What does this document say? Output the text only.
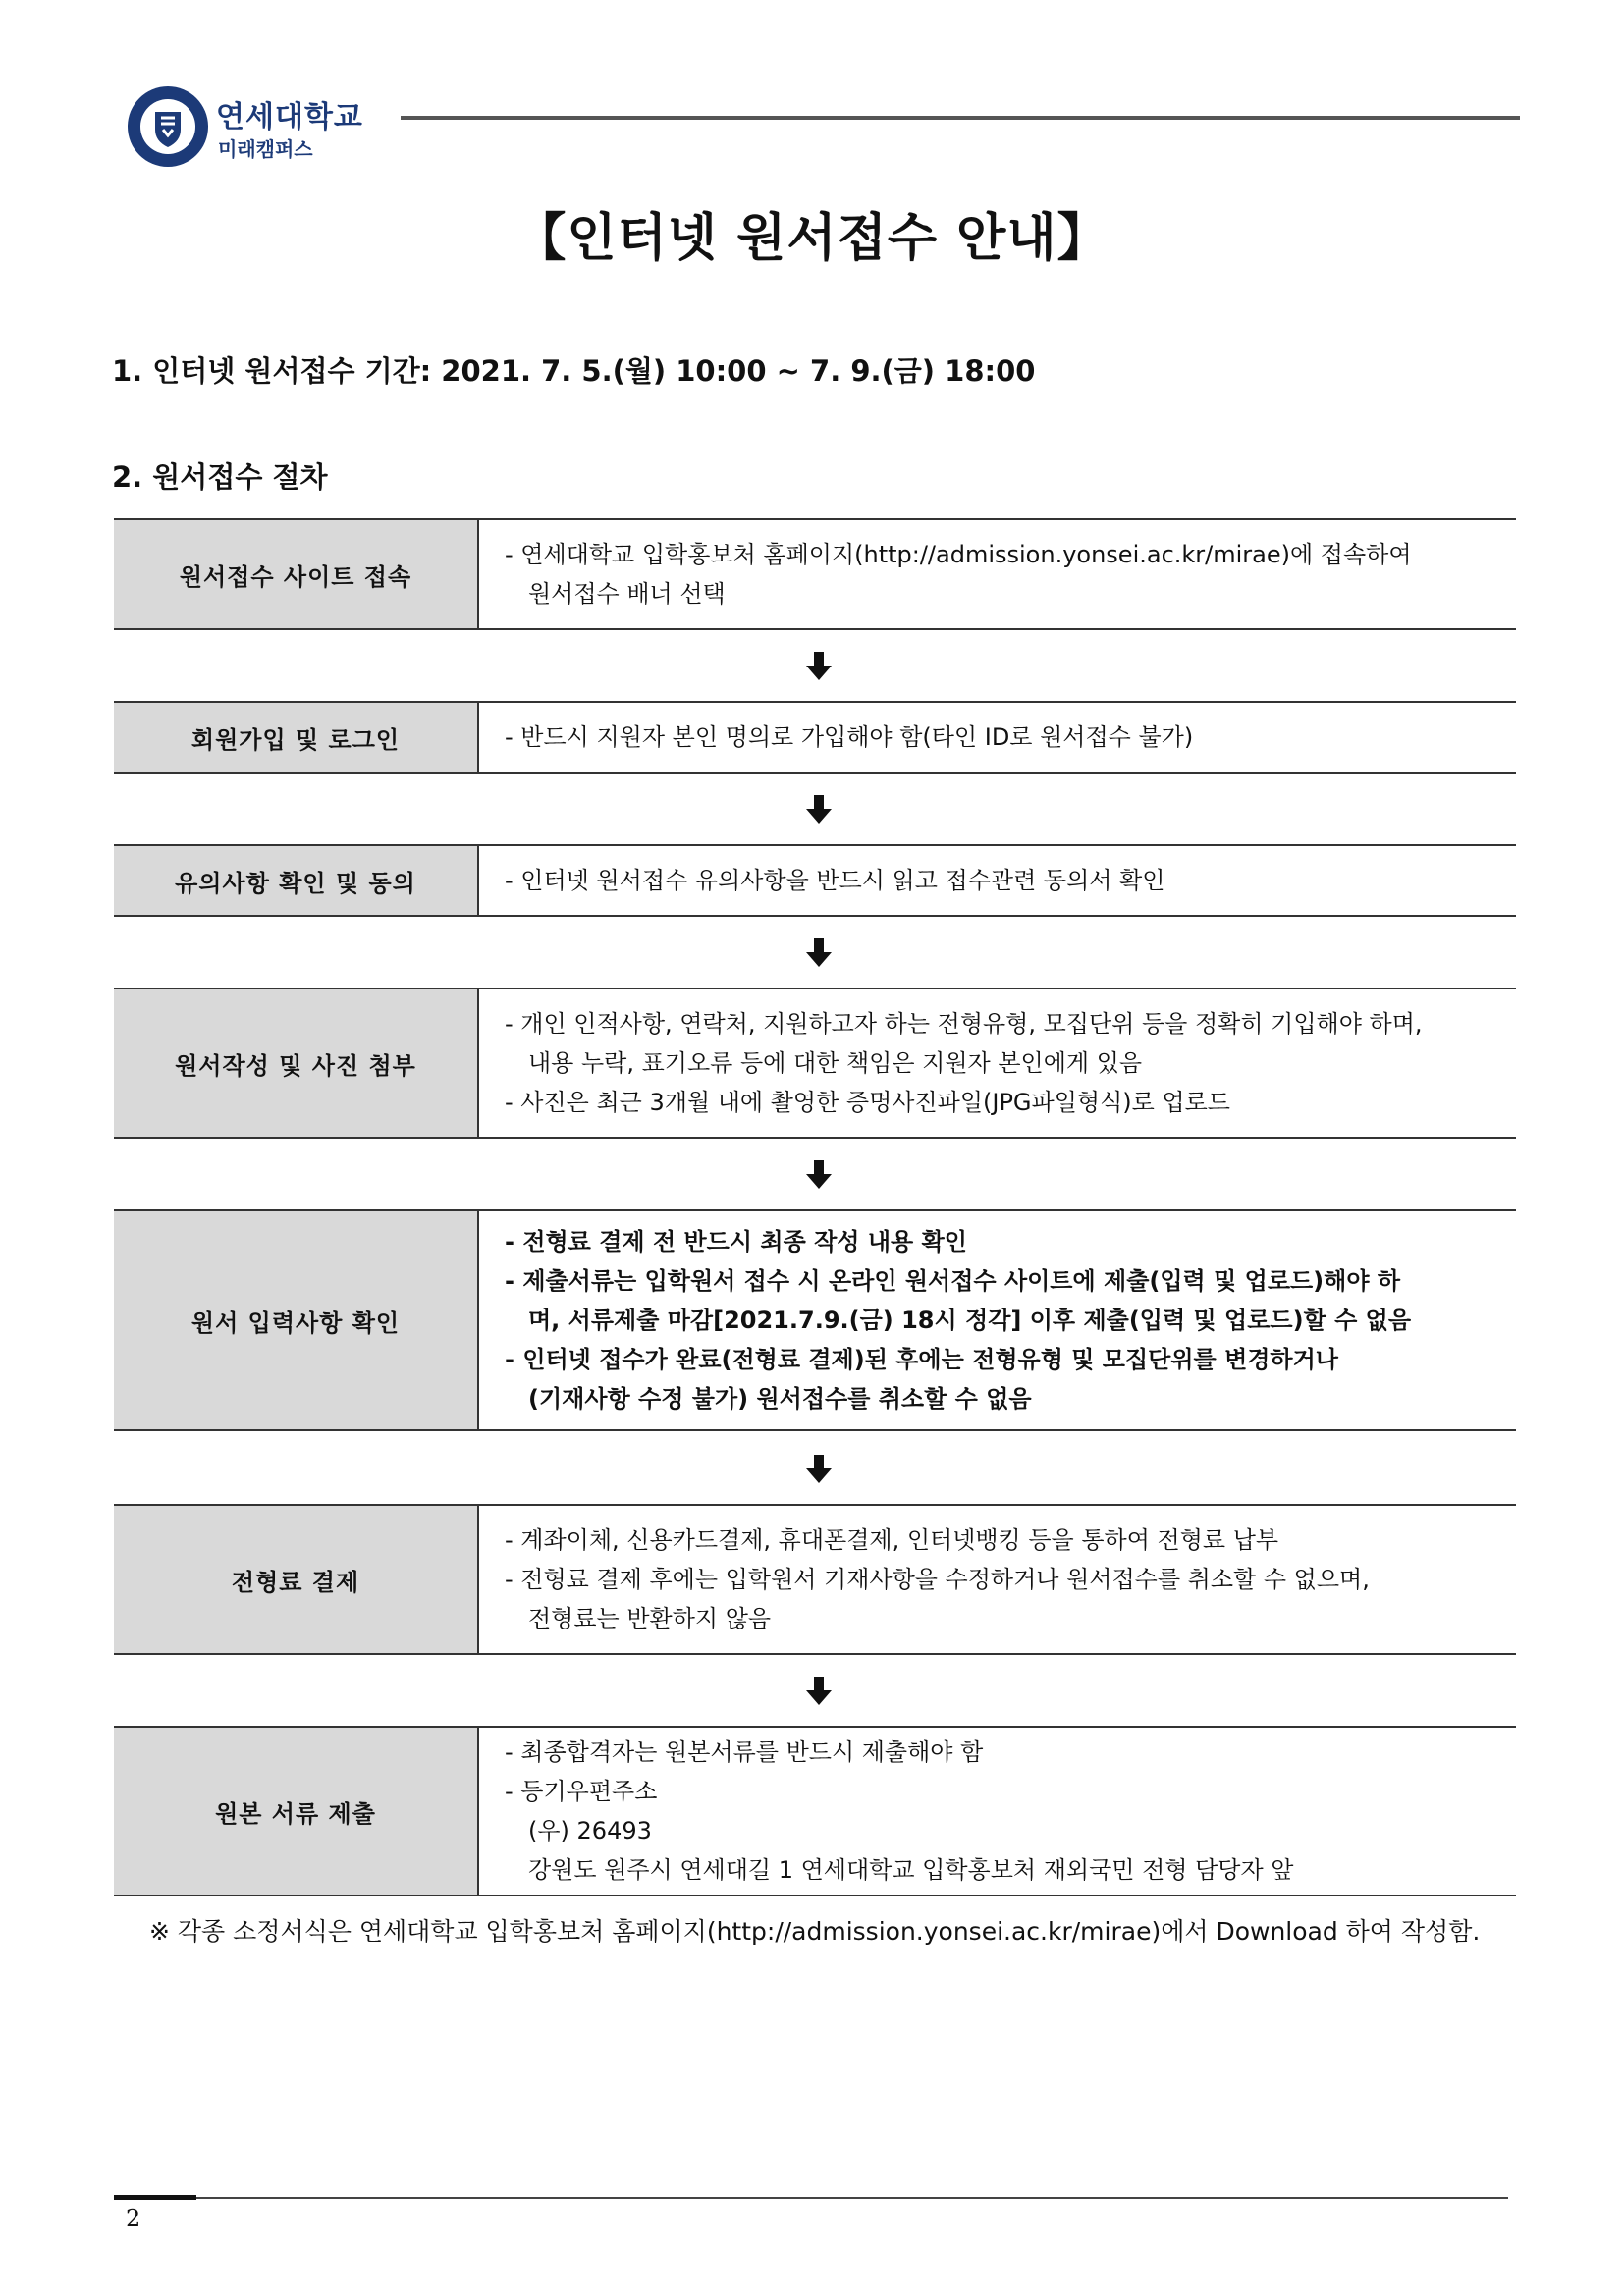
연세대학교
미래캠퍼스
【인터넷 원서접수 안내】
1. 인터넷 원서접수 기간: 2021. 7. 5.(월) 10:00 ~ 7. 9.(금) 18:00
2. 원서접수 절차
원서접수 사이트 접속
- 연세대학교 입학홍보처 홈페이지(http://admission.yonsei.ac.kr/mirae)에 접속하여
원서접수 배너 선택
회원가입 및 로그인	- 반드시 지원자 본인 명의로 가입해야 함(타인 ID로 원서접수 불가)
유의사항 확인 및 동의	- 인터넷 원서접수 유의사항을 반드시 읽고 접수관련 동의서 확인
원서작성 및 사진 첨부
- 개인 인적사항, 연락처, 지원하고자 하는 전형유형, 모집단위 등을 정확히 기입해야 하며,
내용 누락, 표기오류 등에 대한 책임은 지원자 본인에게 있음
- 사진은 최근 3개월 내에 촬영한 증명사진파일(JPG파일형식)로 업로드
원서 입력사항 확인
- 전형료 결제 전 반드시 최종 작성 내용 확인
- 제출서류는 입학원서 접수 시 온라인 원서접수 사이트에 제출(입력 및 업로드)해야 하
며, 서류제출 마감[2021.7.9.(금) 18시 정각] 이후 제출(입력 및 업로드)할 수 없음
- 인터넷 접수가 완료(전형료 결제)된 후에는 전형유형 및 모집단위를 변경하거나
(기재사항 수정 불가) 원서접수를 취소할 수 없음
전형료 결제
- 계좌이체, 신용카드결제, 휴대폰결제, 인터넷뱅킹 등을 통하여 전형료 납부
- 전형료 결제 후에는 입학원서 기재사항을 수정하거나 원서접수를 취소할 수 없으며,
전형료는 반환하지 않음
원본 서류 제출
- 최종합격자는 원본서류를 반드시 제출해야 함
- 등기우편주소
(우) 26493
강원도 원주시 연세대길 1 연세대학교 입학홍보처 재외국민 전형 담당자 앞
※ 각종 소정서식은 연세대학교 입학홍보처 홈페이지(http://admission.yonsei.ac.kr/mirae)에서 Download 하여 작성함.
2
